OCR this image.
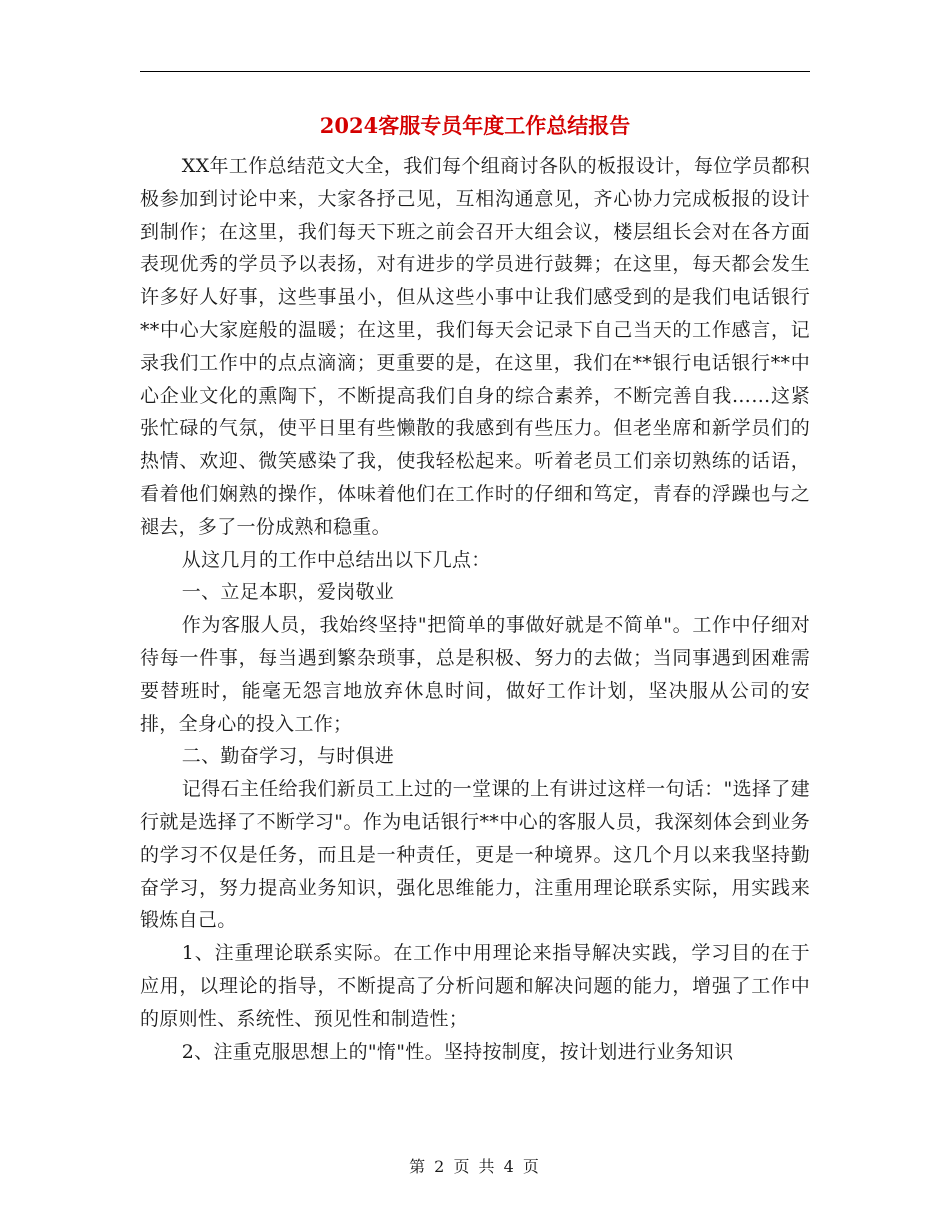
2024客服专员年度工作总结报告

XX年工作总结范文大全，我们每个组商讨各队的板报设计，每位学员都积极参加到讨论中来，大家各抒己见，互相沟通意见，齐心协力完成板报的设计到制作；在这里，我们每天下班之前会召开大组会议，楼层组长会对在各方面表现优秀的学员予以表扬，对有进步的学员进行鼓舞；在这里，每天都会发生许多好人好事，这些事虽小，但从这些小事中让我们感受到的是我们电话银行**中心大家庭般的温暖；在这里，我们每天会记录下自己当天的工作感言，记录我们工作中的点点滴滴；更重要的是，在这里，我们在**银行电话银行**中心企业文化的熏陶下，不断提高我们自身的综合素养，不断完善自我……这紧张忙碌的气氛，使平日里有些懒散的我感到有些压力。但老坐席和新学员们的热情、欢迎、微笑感染了我，使我轻松起来。听着老员工们亲切熟练的话语，看着他们娴熟的操作，体味着他们在工作时的仔细和笃定，青春的浮躁也与之褪去，多了一份成熟和稳重。

从这几月的工作中总结出以下几点：

一、立足本职，爱岗敬业

作为客服人员，我始终坚持"把简单的事做好就是不简单"。工作中仔细对待每一件事，每当遇到繁杂琐事，总是积极、努力的去做；当同事遇到困难需要替班时，能毫无怨言地放弃休息时间，做好工作计划，坚决服从公司的安排，全身心的投入工作；

二、勤奋学习，与时俱进

记得石主任给我们新员工上过的一堂课的上有讲过这样一句话："选择了建行就是选择了不断学习"。作为电话银行**中心的客服人员，我深刻体会到业务的学习不仅是任务，而且是一种责任，更是一种境界。这几个月以来我坚持勤奋学习，努力提高业务知识，强化思维能力，注重用理论联系实际，用实践来锻炼自己。

1、注重理论联系实际。在工作中用理论来指导解决实践，学习目的在于应用，以理论的指导，不断提高了分析问题和解决问题的能力，增强了工作中的原则性、系统性、预见性和制造性；

2、注重克服思想上的"惰"性。坚持按制度，按计划进行业务知识

第 2 页 共 4 页
